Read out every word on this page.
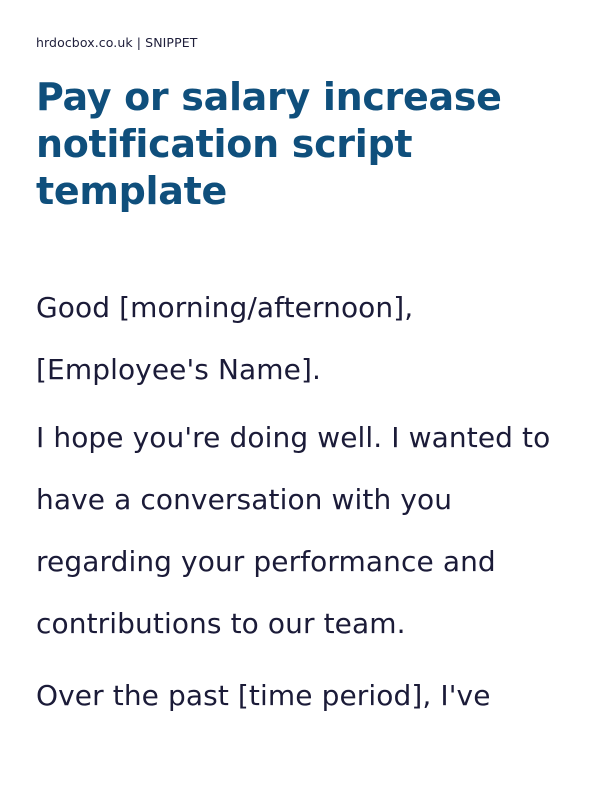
hrdocbox.co.uk | SNIPPET
Pay or salary increase notification script template

Good [morning/afternoon], [Employee's Name].

I hope you're doing well. I wanted to have a conversation with you regarding your performance and contributions to our team.

Over the past [time period], I've
